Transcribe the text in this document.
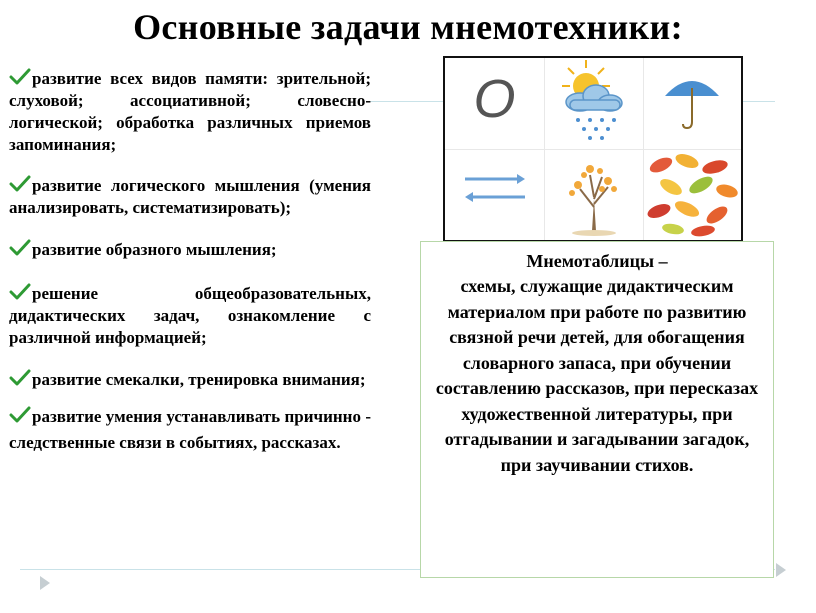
Основные задачи мнемотехники:
развитие всех видов памяти: зрительной; слуховой; ассоциативной; словесно-логической; обработка различных приемов запоминания;
развитие логического мышления (умения анализировать, систематизировать);
развитие образного мышления;
решение общеобразовательных, дидактических задач, ознакомление с различной информацией;
развитие смекалки, тренировка внимания;
развитие умения устанавливать причинно - следственные связи в событиях, рассказах.
O
Мнемотаблицы –
схемы, служащие дидактическим материалом при работе по развитию связной речи детей, для обогащения словарного запаса, при обучении составлению рассказов, при пересказах художественной литературы, при отгадывании и загадывании загадок, при заучивании стихов.
